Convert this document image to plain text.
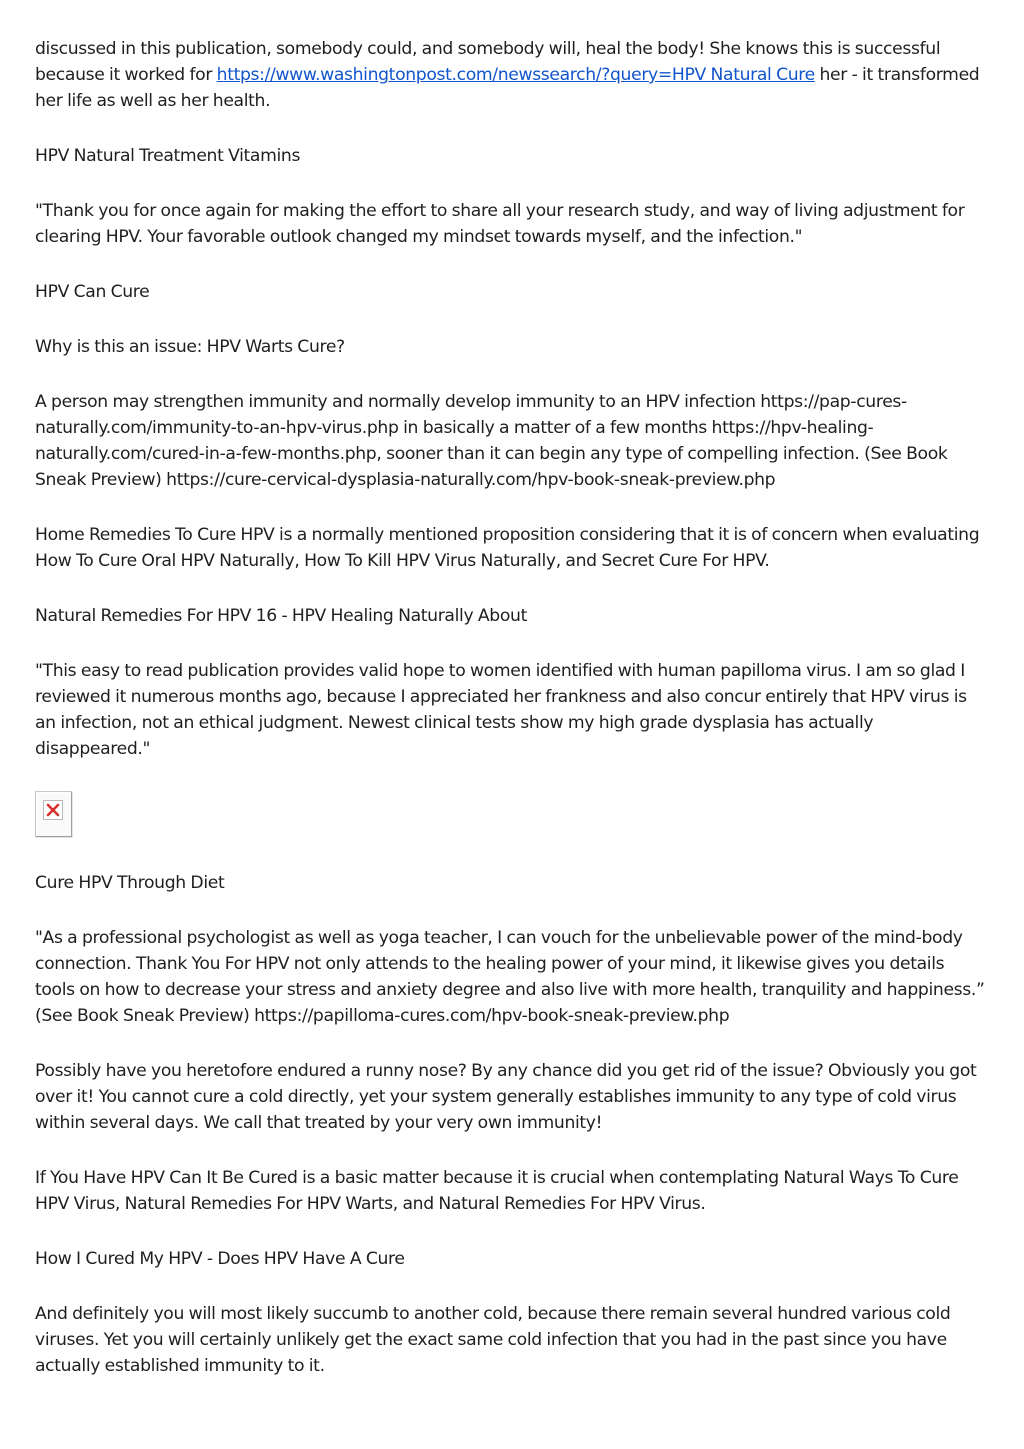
discussed in this publication, somebody could, and somebody will, heal the body! She knows this is successful because it worked for https://www.washingtonpost.com/newssearch/?query=HPV Natural Cure her - it transformed her life as well as her health.

HPV Natural Treatment Vitamins

"Thank you for once again for making the effort to share all your research study, and way of living adjustment for clearing HPV. Your favorable outlook changed my mindset towards myself, and the infection."

HPV Can Cure

Why is this an issue: HPV Warts Cure?

A person may strengthen immunity and normally develop immunity to an HPV infection https://pap-cures-naturally.com/immunity-to-an-hpv-virus.php in basically a matter of a few months https://hpv-healing-naturally.com/cured-in-a-few-months.php, sooner than it can begin any type of compelling infection. (See Book Sneak Preview) https://cure-cervical-dysplasia-naturally.com/hpv-book-sneak-preview.php

Home Remedies To Cure HPV is a normally mentioned proposition considering that it is of concern when evaluating How To Cure Oral HPV Naturally, How To Kill HPV Virus Naturally, and Secret Cure For HPV.

Natural Remedies For HPV 16 - HPV Healing Naturally About

"This easy to read publication provides valid hope to women identified with human papilloma virus. I am so glad I reviewed it numerous months ago, because I appreciated her frankness and also concur entirely that HPV virus is an infection, not an ethical judgment. Newest clinical tests show my high grade dysplasia has actually disappeared."

Cure HPV Through Diet

"As a professional psychologist as well as yoga teacher, I can vouch for the unbelievable power of the mind-body connection. Thank You For HPV not only attends to the healing power of your mind, it likewise gives you details tools on how to decrease your stress and anxiety degree and also live with more health, tranquility and happiness.” (See Book Sneak Preview) https://papilloma-cures.com/hpv-book-sneak-preview.php

Possibly have you heretofore endured a runny nose? By any chance did you get rid of the issue? Obviously you got over it! You cannot cure a cold directly, yet your system generally establishes immunity to any type of cold virus within several days. We call that treated by your very own immunity!

If You Have HPV Can It Be Cured is a basic matter because it is crucial when contemplating Natural Ways To Cure HPV Virus, Natural Remedies For HPV Warts, and Natural Remedies For HPV Virus.

How I Cured My HPV - Does HPV Have A Cure

And definitely you will most likely succumb to another cold, because there remain several hundred various cold viruses. Yet you will certainly unlikely get the exact same cold infection that you had in the past since you have actually established immunity to it.
